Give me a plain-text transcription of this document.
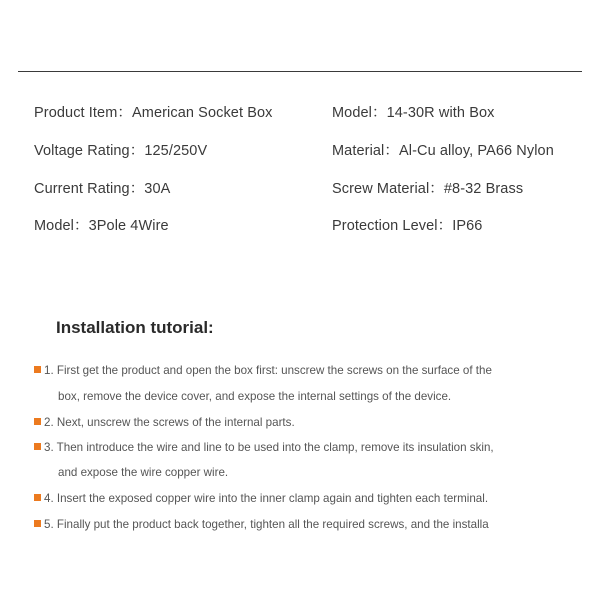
Product Item：American Socket Box
Voltage Rating：125/250V
Current Rating：30A
Model：3Pole 4Wire
Model：14-30R with Box
Material：Al-Cu alloy, PA66 Nylon
Screw Material：#8-32 Brass
Protection Level：IP66
Installation tutorial:
1. First get the product and open the box first: unscrew the screws on the surface of the
box, remove the device cover, and expose the internal settings of the device.
2. Next, unscrew the screws of the internal parts.
3. Then introduce the wire and line to be used into the clamp, remove its insulation skin,
and expose the wire copper wire.
4. Insert the exposed copper wire into the inner clamp again and tighten each terminal.
5. Finally put the product back together, tighten all the required screws, and the installa
